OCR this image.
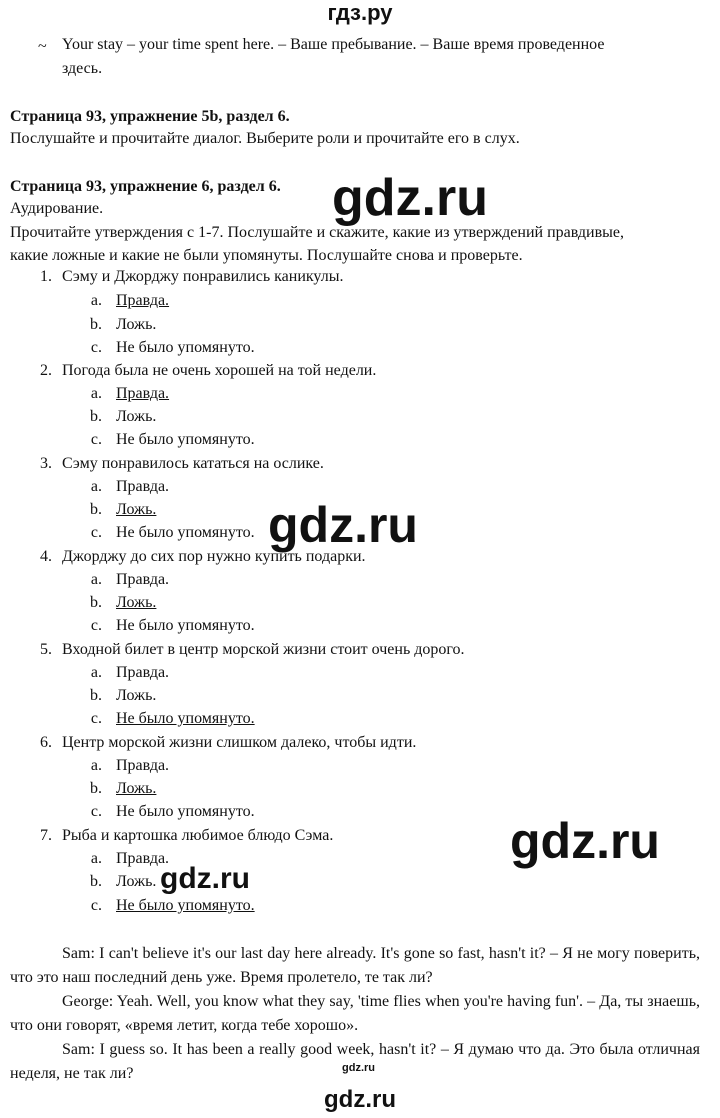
гдз.ру
~ Your stay – your time spent here. – Ваше пребывание. – Ваше время проведенное
здесь.
Страница 93, упражнение 5b, раздел 6.
Послушайте и прочитайте диалог. Выберите роли и прочитайте его в слух.
Страница 93, упражнение 6, раздел 6.
Аудирование.
Прочитайте утверждения с 1-7. Послушайте и скажите, какие из утверждений правдивые,
какие ложные и какие не были упомянуты. Послушайте снова и проверьте.
1. Сэму и Джорджу понравились каникулы.
a. Правда.
b. Ложь.
c. Не было упомянуто.
2. Погода была не очень хорошей на той недели.
a. Правда.
b. Ложь.
c. Не было упомянуто.
3. Сэму понравилось кататься на ослике.
a. Правда.
b. Ложь.
c. Не было упомянуто.
4. Джорджу до сих пор нужно купить подарки.
a. Правда.
b. Ложь.
c. Не было упомянуто.
5. Входной билет в центр морской жизни стоит очень дорого.
a. Правда.
b. Ложь.
c. Не было упомянуто.
6. Центр морской жизни слишком далеко, чтобы идти.
a. Правда.
b. Ложь.
c. Не было упомянуто.
7. Рыба и картошка любимое блюдо Сэма.
a. Правда.
b. Ложь.
c. Не было упомянуто.
Sam: I can't believe it's our last day here already. It's gone so fast, hasn't it? – Я не могу поверить, что это наш последний день уже. Время пролетело, те так ли?
George: Yeah. Well, you know what they say, 'time flies when you're having fun'. – Да, ты знаешь, что они говорят, «время летит, когда тебе хорошо».
Sam: I guess so. It has been a really good week, hasn't it? – Я думаю что да. Это была отличная неделя, не так ли?
gdz.ru
gdz.ru
gdz.ru
gdz.ru
gdz.ru
gdz.ru
